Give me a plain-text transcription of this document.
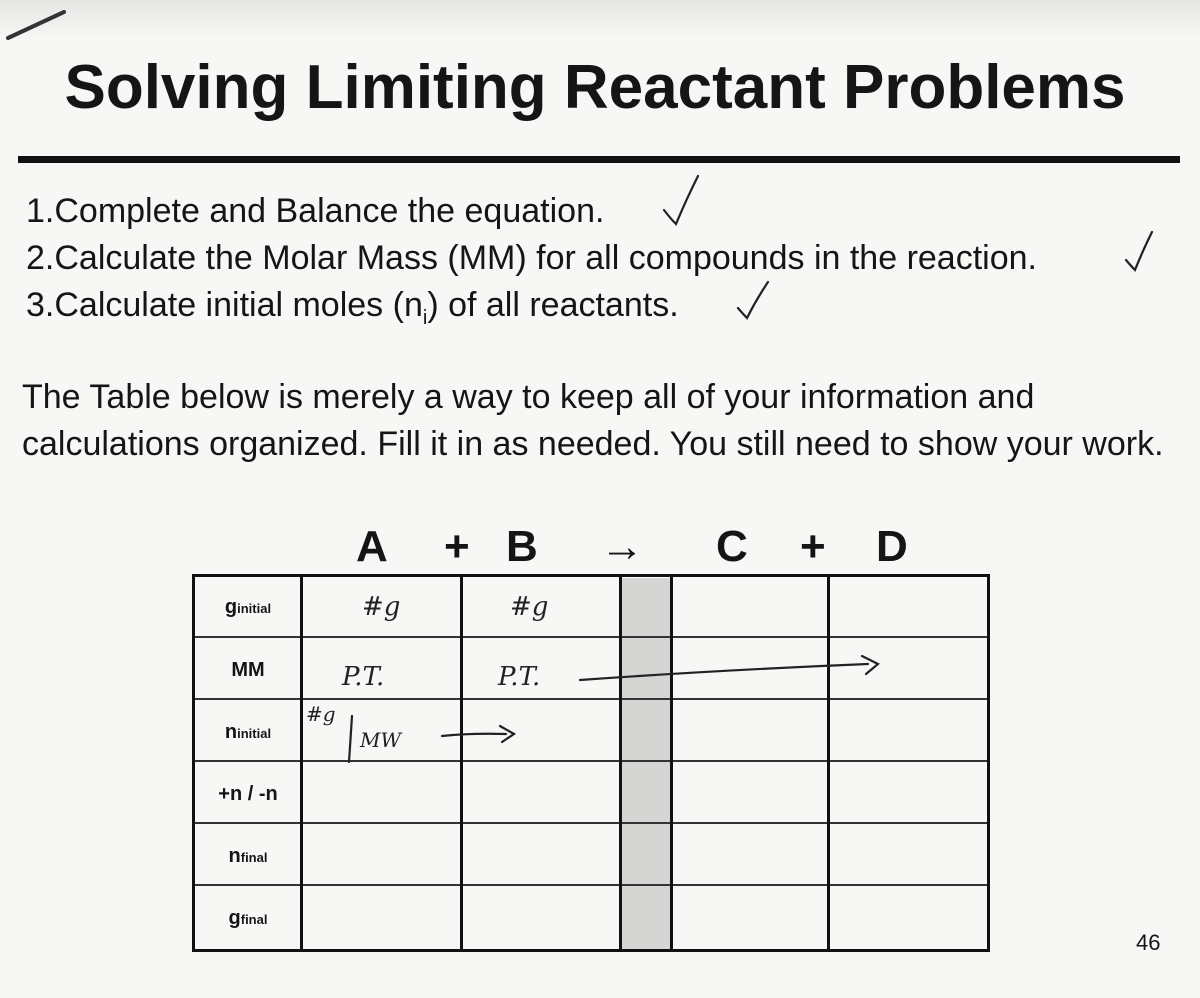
Solving Limiting Reactant Problems
1.Complete and Balance the equation.
2.Calculate the Molar Mass (MM) for all compounds in the reaction.
3.Calculate initial moles $(n_i)$ of all reactants.

The Table below is merely a way to keep all of your information and calculations organized. Fill it in as needed. You still need to show your work.

A + B → C + D
ginitial
MM
ninitial
+n / -n
nfinal
gfinal
#g	#g
P.T.	P.T.
#g
MW
46
